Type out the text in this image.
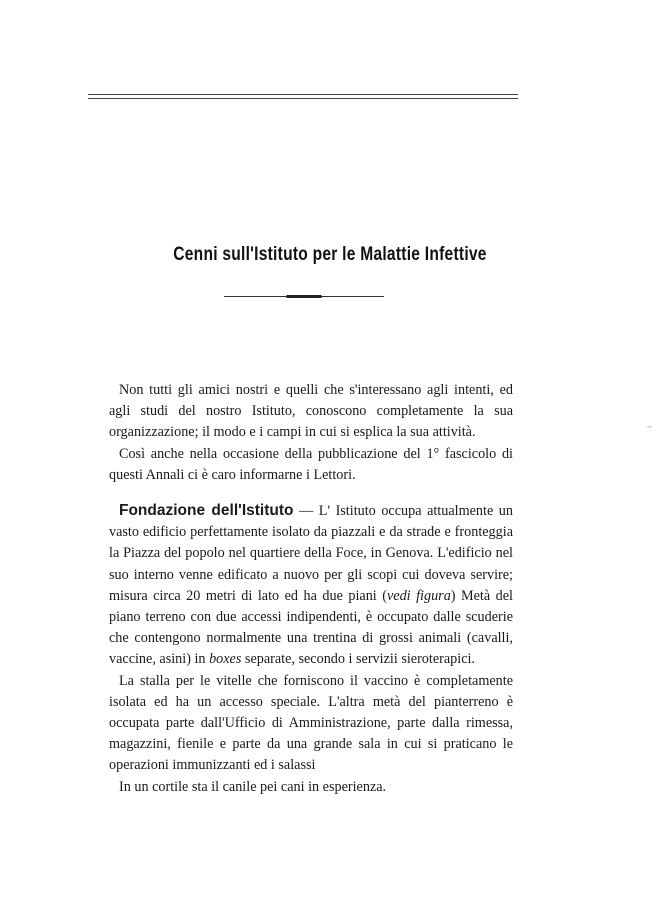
Cenni sull'Istituto per le Malattie Infettive
~

Non tutti gli amici nostri e quelli che s'interessano agli intenti, ed agli studi del nostro Istituto, conoscono completamente la sua organizzazione; il modo e i campi in cui si esplica la sua attività.

Così anche nella occasione della pubblicazione del 1° fascicolo di questi Annali ci è caro informarne i Lettori.

Fondazione dell'Istituto — L' Istituto occupa attualmente un vasto edificio perfettamente isolato da piazzali e da strade e fronteggia la Piazza del popolo nel quartiere della Foce, in Genova. L'edificio nel suo interno venne edificato a nuovo per gli scopi cui doveva servire; misura circa 20 metri di lato ed ha due piani (vedi figura) Metà del piano terreno con due accessi indipendenti, è occupato dalle scuderie che contengono normalmente una trentina di grossi animali (cavalli, vaccine, asini) in boxes separate, secondo i servizii sieroterapici.

La stalla per le vitelle che forniscono il vaccino è completamente isolata ed ha un accesso speciale. L'altra metà del pianterreno è occupata parte dall'Ufficio di Amministrazione, parte dalla rimessa, magazzini, fienile e parte da una grande sala in cui si praticano le operazioni immunizzanti ed i salassi

In un cortile sta il canile pei cani in esperienza.
